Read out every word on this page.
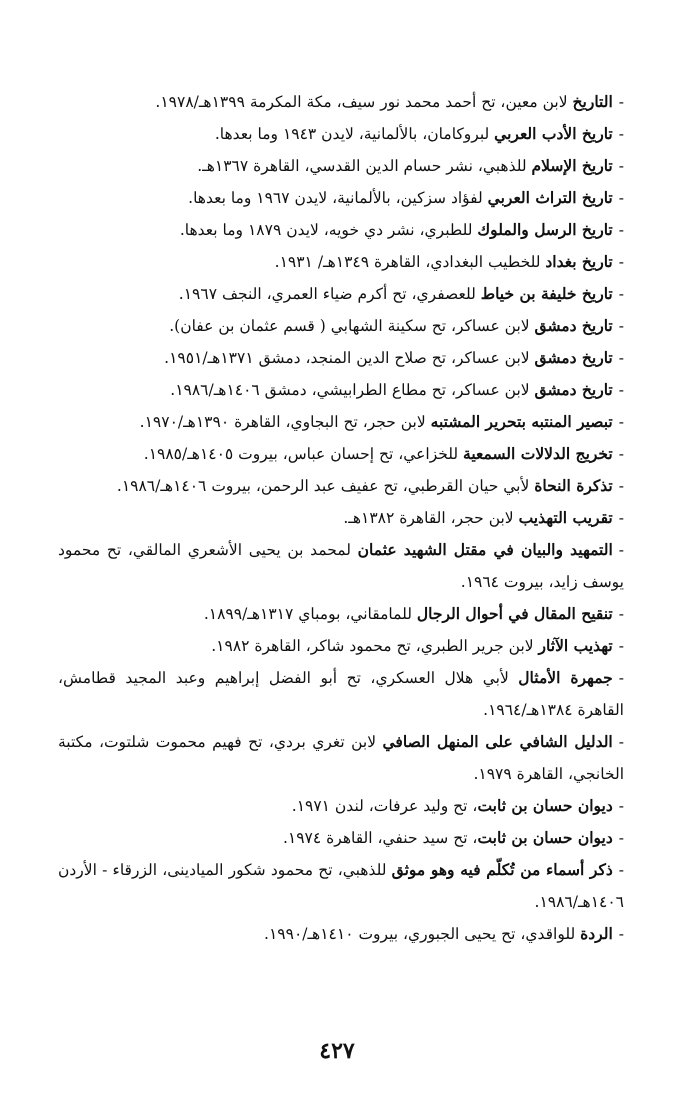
-التاريخ لابن معين، تح أحمد محمد نور سيف، مكة المكرمة ١٣٩٩هـ/١٩٧٨.
-تاريخ الأدب العربي لبروكامان، بالألمانية، لايدن ١٩٤٣ وما بعدها.
-تاريخ الإسلام للذهبي، نشر حسام الدين القدسي، القاهرة ١٣٦٧هـ.
-تاريخ التراث العربي لفؤاد سزكين، بالألمانية، لايدن ١٩٦٧ وما بعدها.
-تاريخ الرسل والملوك للطبري، نشر دي خويه، لايدن ١٨٧٩ وما بعدها.
-تاريخ بغداد للخطيب البغدادي، القاهرة ١٣٤٩هـ/ ١٩٣١.
-تاريخ خليفة بن خياط للعصفري، تح أكرم ضياء العمري، النجف ١٩٦٧.
-تاريخ دمشق لابن عساكر، تح سكينة الشهابي ( قسم عثمان بن عفان).
-تاريخ دمشق لابن عساكر، تح صلاح الدين المنجد، دمشق ١٣٧١هـ/١٩٥١.
-تاريخ دمشق لابن عساكر، تح مطاع الطرابيشي، دمشق ١٤٠٦هـ/١٩٨٦.
-تبصير المنتبه بتحرير المشتبه لابن حجر، تح البجاوي، القاهرة ١٣٩٠هـ/١٩٧٠.
-تخريج الدلالات السمعية للخزاعي، تح إحسان عباس، بيروت ١٤٠٥هـ/١٩٨٥.
-تذكرة النحاة لأبي حيان القرطبي، تح عفيف عبد الرحمن، بيروت ١٤٠٦هـ/١٩٨٦.
-تقريب التهذيب لابن حجر، القاهرة ١٣٨٢هـ.
-التمهيد والبيان في مقتل الشهيد عثمان لمحمد بن يحيى الأشعري المالقي، تح محمود يوسف زايد، بيروت ١٩٦٤.
-تنقيح المقال في أحوال الرجال للمامقاني، بومباي ١٣١٧هـ/١٨٩٩.
-تهذيب الآثار لابن جرير الطبري، تح محمود شاكر، القاهرة ١٩٨٢.
-جمهرة الأمثال لأبي هلال العسكري، تح أبو الفضل إبراهيم وعبد المجيد قطامش، القاهرة ١٣٨٤هـ/١٩٦٤.
-الدليل الشافي على المنهل الصافي لابن تغري بردي، تح فهيم محموت شلتوت، مكتبة الخانجي، القاهرة ١٩٧٩.
-ديوان حسان بن ثابت، تح وليد عرفات، لندن ١٩٧١.
-ديوان حسان بن ثابت، تح سيد حنفي، القاهرة ١٩٧٤.
-ذكر أسماء من تُكلّم فيه وهو موثق للذهبي، تح محمود شكور الميادينى، الزرقاء - الأردن ١٤٠٦هـ/١٩٨٦.
-الردة للواقدي، تح يحيى الجبوري، بيروت ١٤١٠هـ/١٩٩٠.
٤٢٧
